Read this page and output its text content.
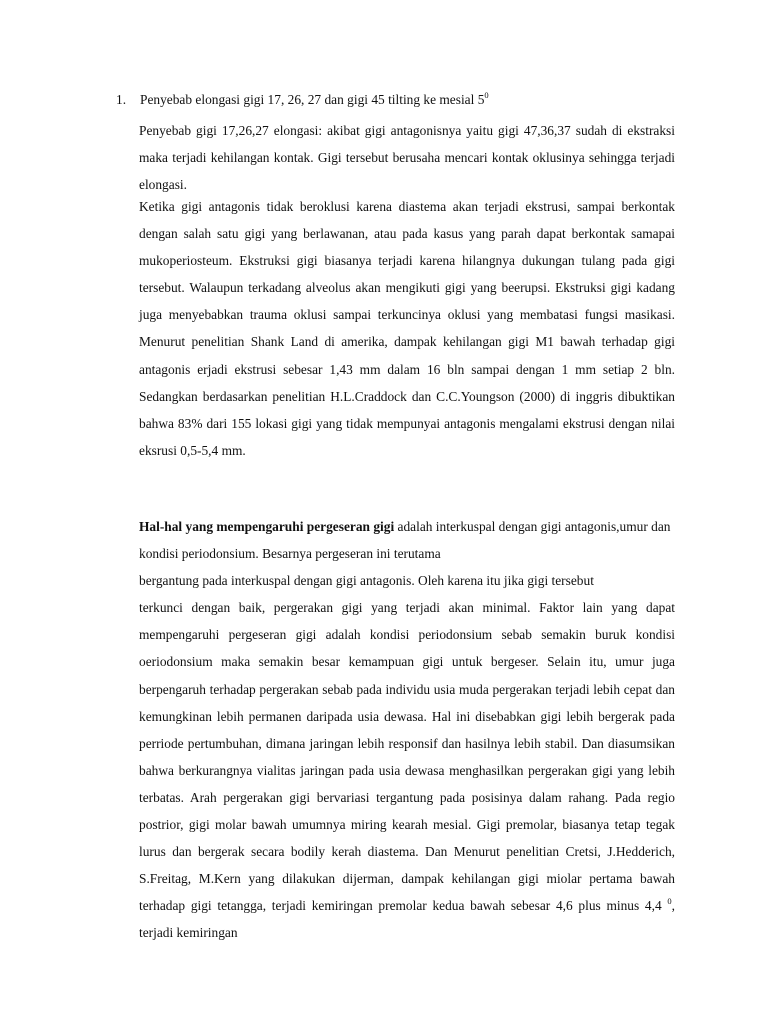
1. Penyebab elongasi gigi 17, 26, 27 dan gigi 45 tilting ke mesial $5^0$
Penyebab gigi 17,26,27 elongasi: akibat gigi antagonisnya yaitu gigi 47,36,37 sudah di ekstraksi maka terjadi kehilangan kontak. Gigi tersebut berusaha mencari kontak oklusinya sehingga terjadi elongasi.
Ketika gigi antagonis tidak beroklusi karena diastema akan terjadi ekstrusi, sampai berkontak dengan salah satu gigi yang berlawanan, atau pada kasus yang parah dapat berkontak samapai mukoperiosteum. Ekstruksi gigi biasanya terjadi karena hilangnya dukungan tulang pada gigi tersebut. Walaupun terkadang alveolus akan mengikuti gigi yang beerupsi. Ekstruksi gigi kadang juga menyebabkan trauma oklusi sampai terkuncinya oklusi yang membatasi fungsi masikasi. Menurut penelitian Shank Land di amerika, dampak kehilangan gigi M1 bawah terhadap gigi antagonis erjadi ekstrusi sebesar 1,43 mm dalam 16 bln sampai dengan 1 mm setiap 2 bln. Sedangkan berdasarkan penelitian H.L.Craddock dan C.C.Youngson (2000) di inggris dibuktikan bahwa 83% dari 155 lokasi gigi yang tidak mempunyai antagonis mengalami ekstrusi dengan nilai eksrusi 0,5-5,4 mm.

Hal-hal yang mempengaruhi pergeseran gigi adalah interkuspal dengan gigi antagonis,umur dan kondisi periodonsium. Besarnya pergeseran ini terutama

bergantung pada interkuspal dengan gigi antagonis. Oleh karena itu jika gigi tersebut

terkunci dengan baik, pergerakan gigi yang terjadi akan minimal. Faktor lain yang dapat mempengaruhi pergeseran gigi adalah kondisi periodonsium sebab semakin buruk kondisi oeriodonsium maka semakin besar kemampuan gigi untuk bergeser. Selain itu, umur juga berpengaruh terhadap pergerakan sebab pada individu usia muda pergerakan terjadi lebih cepat dan kemungkinan lebih permanen daripada usia dewasa. Hal ini disebabkan gigi lebih bergerak pada perriode pertumbuhan, dimana jaringan lebih responsif dan hasilnya lebih stabil. Dan diasumsikan bahwa berkurangnya vialitas jaringan pada usia dewasa menghasilkan pergerakan gigi yang lebih terbatas. Arah pergerakan gigi bervariasi tergantung pada posisinya dalam rahang. Pada regio postrior, gigi molar bawah umumnya miring kearah mesial. Gigi premolar, biasanya tetap tegak lurus dan bergerak secara bodily kerah diastema. Dan Menurut penelitian Cretsi, J.Hedderich, S.Freitag, M.Kern yang dilakukan dijerman, dampak kehilangan gigi miolar pertama bawah terhadap gigi tetangga, terjadi kemiringan premolar kedua bawah sebesar 4,6 plus minus 4,4 $^0$, terjadi kemiringan
